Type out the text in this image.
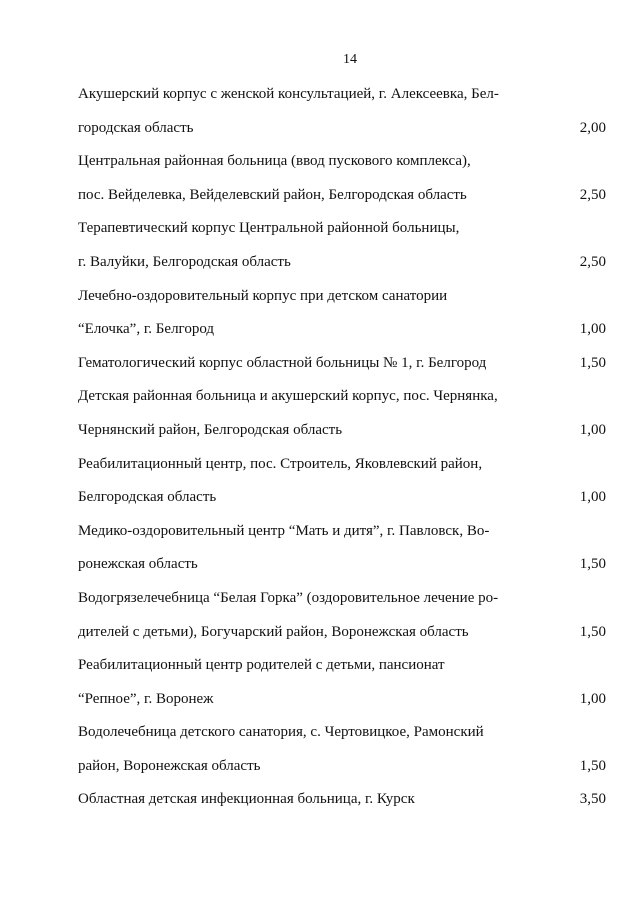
14
Акушерский корпус с женской консультацией, г. Алексеевка, Бел-
городская область	2,00
Центральная районная больница (ввод пускового комплекса),
пос. Вейделевка, Вейделевский район, Белгородская область	2,50
Терапевтический корпус Центральной районной больницы,
г. Валуйки, Белгородская область	2,50
Лечебно-оздоровительный корпус при детском санатории
“Елочка”, г. Белгород	1,00
Гематологический корпус областной больницы № 1, г. Белгород	1,50
Детская районная больница и акушерский корпус, пос. Чернянка,
Чернянский район, Белгородская область	1,00
Реабилитационный центр, пос. Строитель, Яковлевский район,
Белгородская область	1,00
Медико-оздоровительный центр “Мать и дитя”, г. Павловск, Во-
ронежская область	1,50
Водогрязелечебница “Белая Горка” (оздоровительное лечение ро-
дителей с детьми), Богучарский район, Воронежская область	1,50
Реабилитационный центр родителей с детьми, пансионат
“Репное”, г. Воронеж	1,00
Водолечебница детского санатория, с. Чертовицкое, Рамонский
район, Воронежская область	1,50
Областная детская инфекционная больница, г. Курск	3,50
